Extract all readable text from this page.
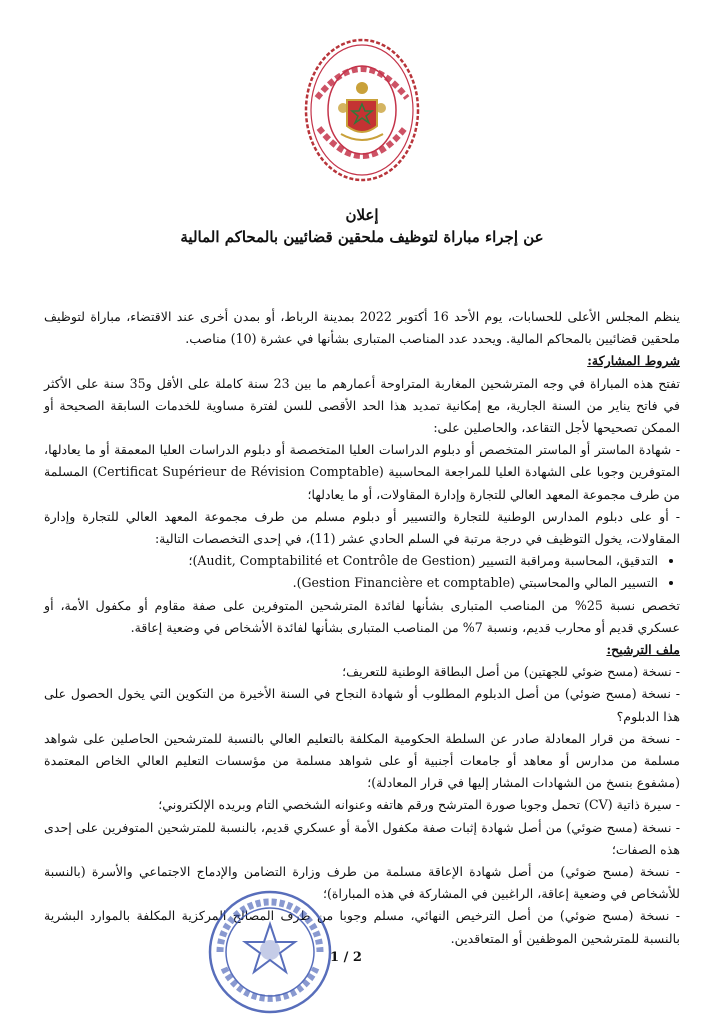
إعلان
عن إجراء مباراة لتوظيف ملحقين قضائيين بالمحاكم المالية

ينظم المجلس الأعلى للحسابات، يوم الأحد 16 أكتوبر 2022 بمدينة الرباط، أو بمدن أخرى عند الاقتضاء، مباراة لتوظيف ملحقين قضائيين بالمحاكم المالية. ويحدد عدد المناصب المتبارى بشأنها في عشرة (10) مناصب.

شروط المشاركة:

تفتح هذه المباراة في وجه المترشحين المغاربة المتراوحة أعمارهم ما بين 23 سنة كاملة على الأقل و35 سنة على الأكثر في فاتح يناير من السنة الجارية، مع إمكانية تمديد هذا الحد الأقصى للسن لفترة مساوية للخدمات السابقة الصحيحة أو الممكن تصحيحها لأجل التقاعد، والحاصلين على:

- شهادة الماستر أو الماستر المتخصص أو دبلوم الدراسات العليا المتخصصة أو دبلوم الدراسات العليا المعمقة أو ما يعادلها، المتوفرين وجوبا على الشهادة العليا للمراجعة المحاسبية (Certificat Supérieur de Révision Comptable) المسلمة من طرف مجموعة المعهد العالي للتجارة وإدارة المقاولات، أو ما يعادلها؛

- أو على دبلوم المدارس الوطنية للتجارة والتسيير أو دبلوم مسلم من طرف مجموعة المعهد العالي للتجارة وإدارة المقاولات، يخول التوظيف في درجة مرتبة في السلم الحادي عشر (11)، في إحدى التخصصات التالية:

• التدقيق، المحاسبة ومراقبة التسيير (Audit, Comptabilité et Contrôle de Gestion)؛
• التسيير المالي والمحاسبتي (Gestion Financière et comptable).

تخصص نسبة 25% من المناصب المتبارى بشأنها لفائدة المترشحين المتوفرين على صفة مقاوم أو مكفول الأمة، أو عسكري قديم أو محارب قديم، ونسبة 7% من المناصب المتبارى بشأنها لفائدة الأشخاص في وضعية إعاقة.

ملف الترشيح:

- نسخة (مسح ضوئي للجهتين) من أصل البطاقة الوطنية للتعريف؛

- نسخة (مسح ضوئي) من أصل الدبلوم المطلوب أو شهادة النجاح في السنة الأخيرة من التكوين التي يخول الحصول على هذا الدبلوم؟

- نسخة من قرار المعادلة صادر عن السلطة الحكومية المكلفة بالتعليم العالي بالنسبة للمترشحين الحاصلين على شواهد مسلمة من مدارس أو معاهد أو جامعات أجنبية أو على شواهد مسلمة من مؤسسات التعليم العالي الخاص المعتمدة (مشفوع بنسخ من الشهادات المشار إليها في قرار المعادلة)؛

- سيرة ذاتية (CV) تحمل وجوبا صورة المترشح ورقم هاتفه وعنوانه الشخصي التام وبريده الإلكتروني؛

- نسخة (مسح ضوئي) من أصل شهادة إثبات صفة مكفول الأمة أو عسكري قديم، بالنسبة للمترشحين المتوفرين على إحدى هذه الصفات؛

- نسخة (مسح ضوئي) من أصل شهادة الإعاقة مسلمة من طرف وزارة التضامن والإدماج الاجتماعي والأسرة (بالنسبة للأشخاص في وضعية إعاقة، الراغبين في المشاركة في هذه المباراة)؛

- نسخة (مسح ضوئي) من أصل الترخيص النهائي، مسلم وجوبا من طرف المصالح المركزية المكلفة بالموارد البشرية بالنسبة للمترشحين الموظفين أو المتعاقدين.

1 / 2
